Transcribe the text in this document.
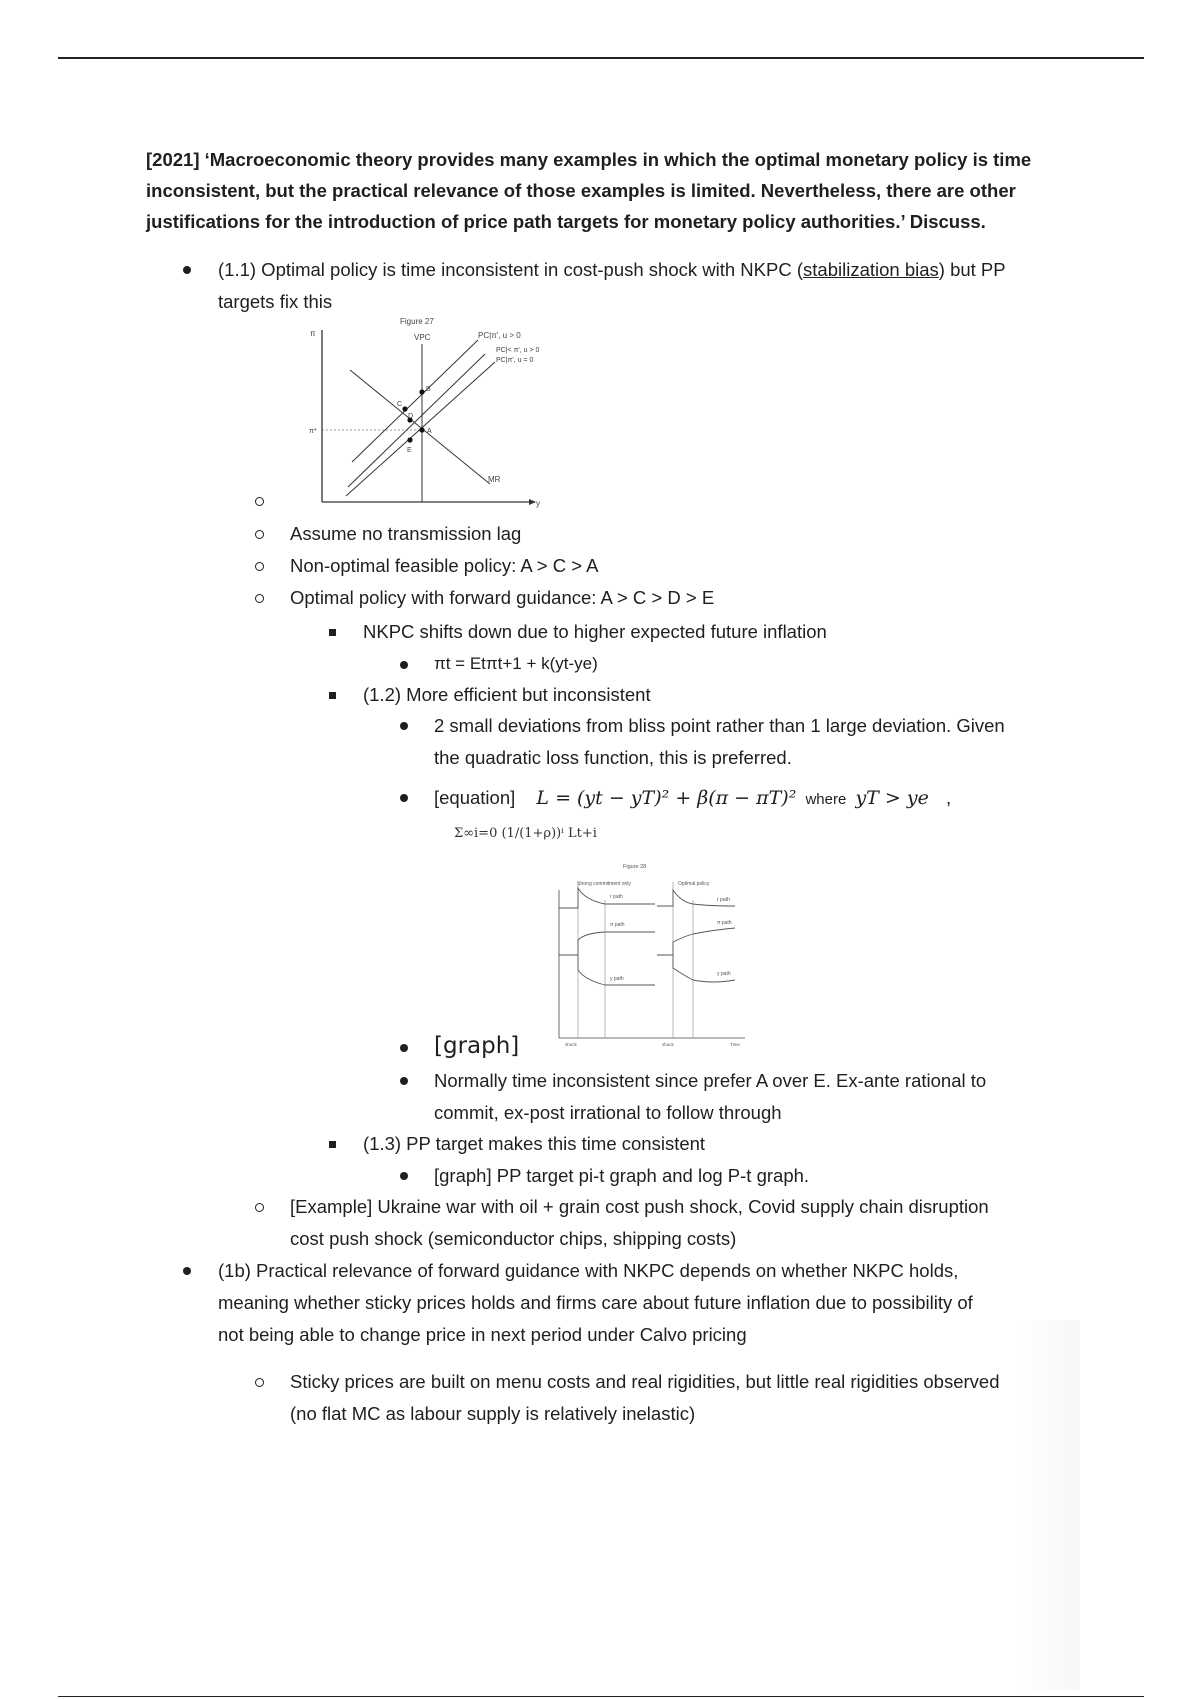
[2021] ‘Macroeconomic theory provides many examples in which the optimal monetary policy is time inconsistent, but the practical relevance of those examples is limited. Nevertheless, there are other justifications for the introduction of price path targets for monetary policy authorities.’ Discuss.
(1.1) Optimal policy is time inconsistent in cost-push shock with NKPC (stabilization bias) but PP
targets fix this
Figure 27
π
y
VPC
π*
MR
PC|π', u > 0
PC|< π', u > 0
PC|π', u = 0
A
B
C
D
E
Assume no transmission lag
Non-optimal feasible policy: A > C > A
Optimal policy with forward guidance: A > C > D > E
NKPC shifts down due to higher expected future inflation
πt = Etπt+1 + k(yt-ye)
(1.2) More efficient but inconsistent
2 small deviations from bliss point rather than 1 large deviation. Given
the quadratic loss function, this is preferred.
[equation] L = (yt − yT)² + β(π − πT)² where yT > ye ,
Σ∞i=0 (1/(1+ρ))ⁱ Lt+i
Figure 28
Strong commitment only	Optimal policy
r path	r path
π path	π path
y path
y path
shock	shock	Time
[graph]
Normally time inconsistent since prefer A over E. Ex-ante rational to
commit, ex-post irrational to follow through
(1.3) PP target makes this time consistent
[graph] PP target pi-t graph and log P-t graph.
[Example] Ukraine war with oil + grain cost push shock, Covid supply chain disruption
cost push shock (semiconductor chips, shipping costs)
(1b) Practical relevance of forward guidance with NKPC depends on whether NKPC holds,
meaning whether sticky prices holds and firms care about future inflation due to possibility of
not being able to change price in next period under Calvo pricing
Sticky prices are built on menu costs and real rigidities, but little real rigidities observed
(no flat MC as labour supply is relatively inelastic)
